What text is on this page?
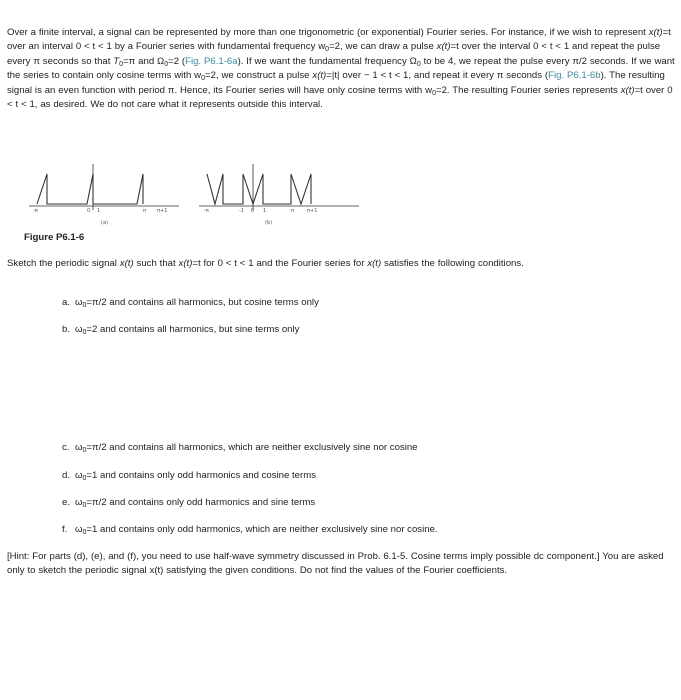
Over a finite interval, a signal can be represented by more than one trigonometric (or exponential) Fourier series. For instance, if we wish to represent x(t)=t over an interval 0 < t < 1 by a Fourier series with fundamental frequency $w_0=2$, we can draw a pulse x(t)=t over the interval 0 < t < 1 and repeat the pulse every π seconds so that $T_0=\pi$ and $\Omega_0=2$ (Fig. P6.1-6a). If we want the fundamental frequency $\Omega_0$ to be 4, we repeat the pulse every π/2 seconds. If we want the series to contain only cosine terms with $w_0=2$, we construct a pulse x(t)=|t| over − 1 < t < 1, and repeat it every π seconds (Fig. P6.1-6b). The resulting signal is an even function with period π. Hence, its Fourier series will have only cosine terms with $w_0=2$. The resulting Fourier series represents x(t)=t over 0 < t < 1, as desired. We do not care what it represents outside this interval.

-π	0 1	π π+1
(a)
-π	-1 0 1	π	π+1
(b)
Figure P6.1-6

Sketch the periodic signal x(t) such that x(t)=t for 0 < t < 1 and the Fourier series for x(t) satisfies the following conditions.

a. $\omega_0=\pi/2$ and contains all harmonics, but cosine terms only
b. $\omega_0=2$ and contains all harmonics, but sine terms only
c. $\omega_0=\pi/2$ and contains all harmonics, which are neither exclusively sine nor cosine
d. $\omega_0=1$ and contains only odd harmonics and cosine terms
e. $\omega_0=\pi/2$ and contains only odd harmonics and sine terms
f. $\omega_0=1$ and contains only odd harmonics, which are neither exclusively sine nor cosine.

[Hint: For parts (d), (e), and (f), you need to use half-wave symmetry discussed in Prob. 6.1-5. Cosine terms imply possible dc component.] You are asked only to sketch the periodic signal x(t) satisfying the given conditions. Do not find the values of the Fourier coefficients.
